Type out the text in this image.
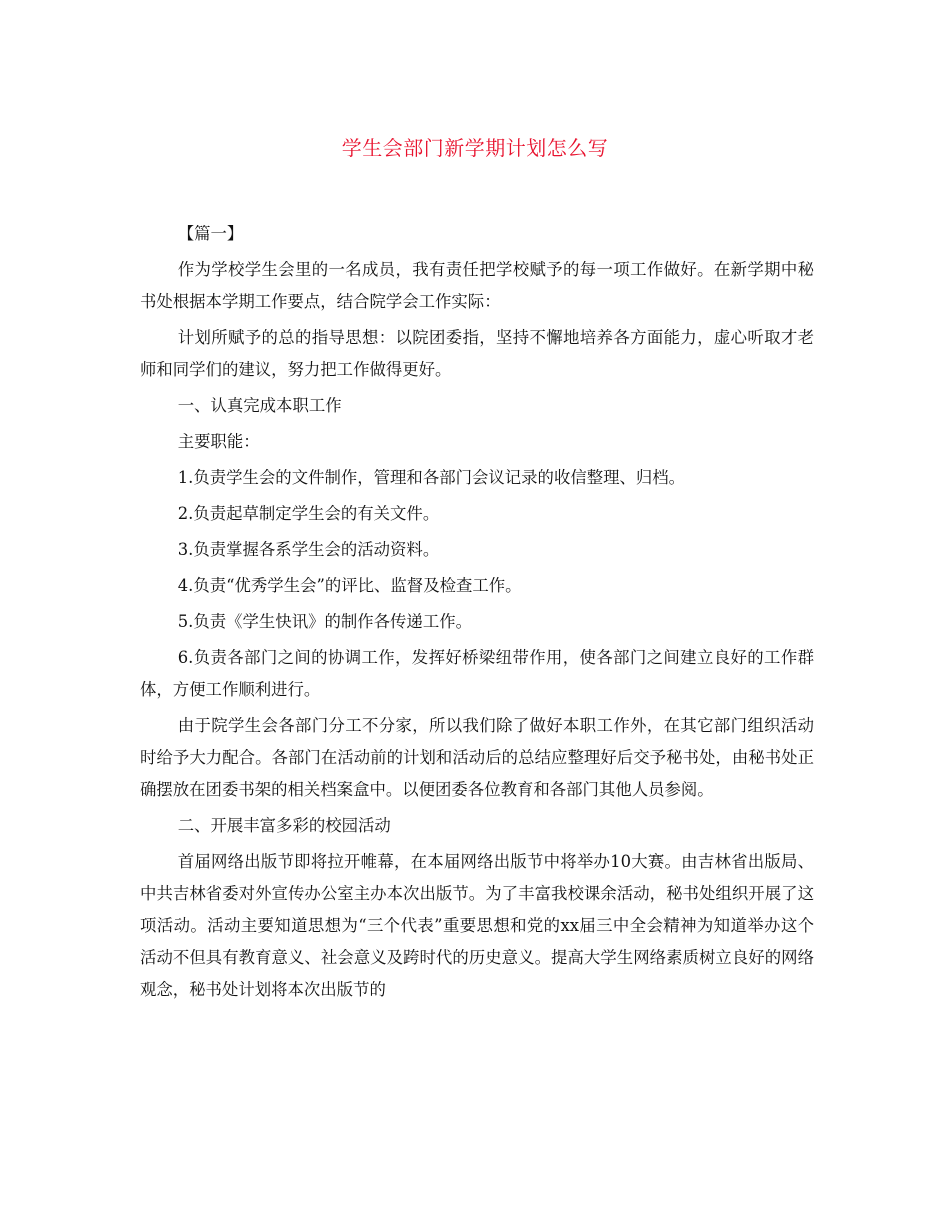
学生会部门新学期计划怎么写

【篇一】

作为学校学生会里的一名成员，我有责任把学校赋予的每一项工作做好。在新学期中秘书处根据本学期工作要点，结合院学会工作实际：

计划所赋予的总的指导思想：以院团委指，坚持不懈地培养各方面能力，虚心听取才老师和同学们的建议，努力把工作做得更好。

一、认真完成本职工作

主要职能：

1.负责学生会的文件制作，管理和各部门会议记录的收信整理、归档。

2.负责起草制定学生会的有关文件。

3.负责掌握各系学生会的活动资料。

4.负责“优秀学生会”的评比、监督及检查工作。

5.负责《学生快讯》的制作各传递工作。

6.负责各部门之间的协调工作，发挥好桥梁纽带作用，使各部门之间建立良好的工作群体，方便工作顺利进行。

由于院学生会各部门分工不分家，所以我们除了做好本职工作外，在其它部门组织活动时给予大力配合。各部门在活动前的计划和活动后的总结应整理好后交予秘书处，由秘书处正确摆放在团委书架的相关档案盒中。以便团委各位教育和各部门其他人员参阅。

二、开展丰富多彩的校园活动

首届网络出版节即将拉开帷幕，在本届网络出版节中将举办10大赛。由吉林省出版局、中共吉林省委对外宣传办公室主办本次出版节。为了丰富我校课余活动，秘书处组织开展了这项活动。活动主要知道思想为“三个代表”重要思想和党的xx届三中全会精神为知道举办这个活动不但具有教育意义、社会意义及跨时代的历史意义。提高大学生网络素质树立良好的网络观念，秘书处计划将本次出版节的
